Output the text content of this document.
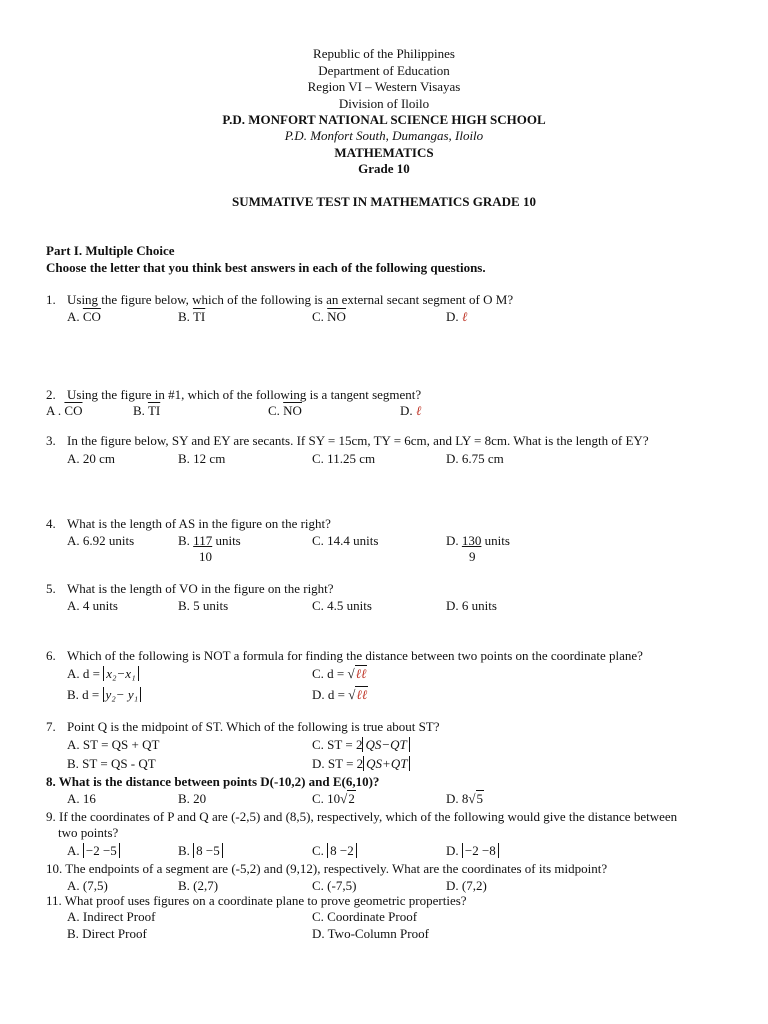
Republic of the Philippines
Department of Education
Region VI – Western Visayas
Division of Iloilo
P.D. MONFORT NATIONAL SCIENCE HIGH SCHOOL
P.D. Monfort South, Dumangas, Iloilo
MATHEMATICS
Grade 10
SUMMATIVE TEST IN MATHEMATICS GRADE 10
Part I. Multiple Choice
Choose the letter that you think best answers in each of the following questions.
1. Using the figure below, which of the following is an external secant segment of O M?
A. $\overline{CO}$	B. $\overline{TI}$	C. $\overline{NO}$	D. ℓ
2. Using the figure in #1, which of the following is a tangent segment?
A . $\overline{CO}$	B. $\overline{TI}$	C. $\overline{NO}$	D. ℓ
3. In the figure below, SY and EY are secants. If SY = 15cm, TY = 6cm, and LY = 8cm. What is the length of EY?
A. 20 cm	B. 12 cm	C. 11.25 cm	D. 6.75 cm
4. What is the length of AS in the figure on the right?
A. 6.92 units	B. 117 units
10
C. 14.4 units	D. 130 units
9
5. What is the length of VO in the figure on the right?
A. 4 units	B. 5 units	C. 4.5 units	D. 6 units
6. Which of the following is NOT a formula for finding the distance between two points on the coordinate plane?
A. d = x₂−x₁	C. d = √ℓℓ
B. d = y₂− y₁	D. d = √ℓℓ
7. Point Q is the midpoint of ST. Which of the following is true about ST?
A. ST = QS + QT	C. ST = 2 QS−QT
B. ST = QS - QT	D. ST = 2 QS+QT
8. What is the distance between points D(-10,2) and E(6,10)?
A. 16	B. 20	C. 10√2	D. 8√5
9. If the coordinates of P and Q are (-2,5) and (8,5), respectively, which of the following would give the distance between
two points?
A. −2 −5	B. 8 −5	C. 8 −2	D. −2 −8
10. The endpoints of a segment are (-5,2) and (9,12), respectively. What are the coordinates of its midpoint?
A. (7,5)	B. (2,7)	C. (-7,5)	D. (7,2)
11. What proof uses figures on a coordinate plane to prove geometric properties?
A. Indirect Proof	C. Coordinate Proof
B. Direct Proof	D. Two-Column Proof
